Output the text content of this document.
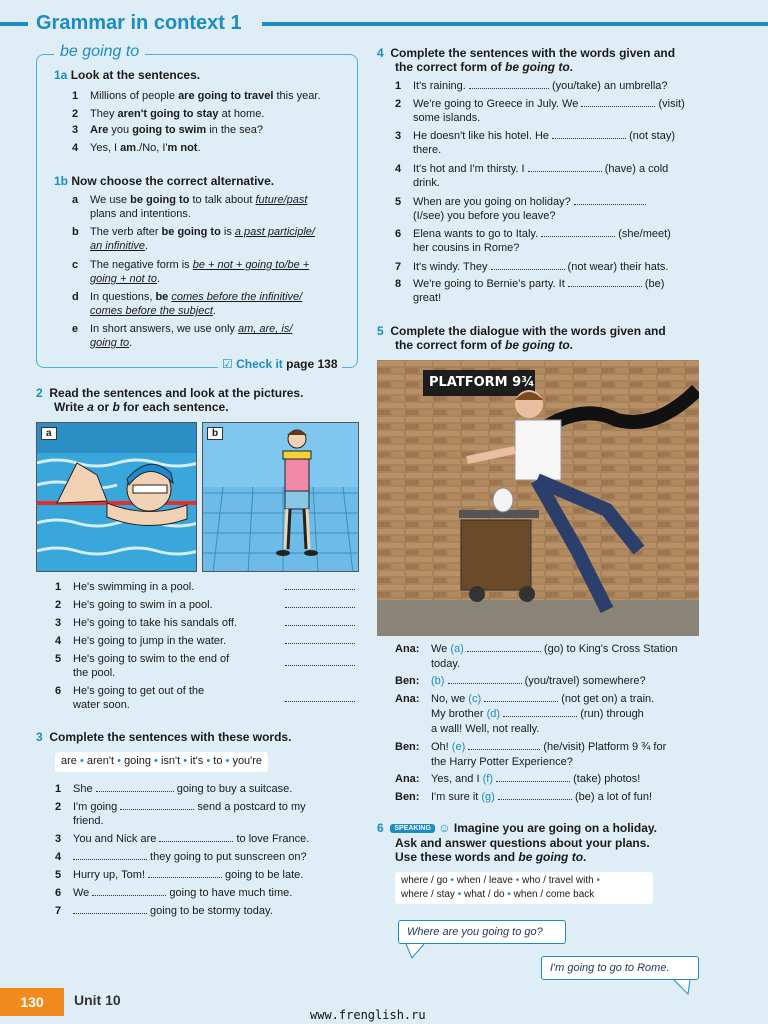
Grammar in context 1
be going to
1a Look at the sentences.
1 Millions of people are going to travel this year.
2 They aren't going to stay at home.
3 Are you going to swim in the sea?
4 Yes, I am./No, I'm not.
1b Now choose the correct alternative.
a We use be going to to talk about future/past
plans and intentions.
b The verb after be going to is a past participle/
an infinitive.
c The negative form is be + not + going to/be +
going + not to.
d In questions, be comes before the infinitive/
comes before the subject.
e In short answers, we use only am, are, is/
going to.
☑ Check it page 138
2 Read the sentences and look at the pictures.
Write a or b for each sentence.
a	b
1 He's swimming in a pool.
2 He's going to swim in a pool.
3 He's going to take his sandals off.
4 He's going to jump in the water.
5 He's going to swim to the end of
the pool.
6 He's going to get out of the
water soon.
3 Complete the sentences with these words.
are • aren't • going • isn't • it's • to • you're
1 She	going to buy a suitcase.
2 I'm going	send a postcard to my
friend.
3 You and Nick are	to love France.
4	they going to put sunscreen on?
5 Hurry up, Tom!	going to be late.
6 We	going to have much time.
7	going to be stormy today.
4 Complete the sentences with the words given and
the correct form of be going to.
1 It's raining.	(you/take) an umbrella?
2 We're going to Greece in July. We	(visit)
some islands.
3 He doesn't like his hotel. He	(not stay)
there.
4 It's hot and I'm thirsty. I	(have) a cold
drink.
5 When are you going on holiday?
(I/see) you before you leave?
6 Elena wants to go to Italy.	(she/meet)
her cousins in Rome?
7 It's windy. They	(not wear) their hats.
8 We're going to Bernie's party. It	(be)
great!
5 Complete the dialogue with the words given and
the correct form of be going to.
PLATFORM 9¾
Ana: We (a)	(go) to King's Cross Station
today.
Ben: (b)	(you/travel) somewhere?
Ana: No, we (c)	(not get on) a train.
My brother (d)	(run) through
a wall! Well, not really.
Ben: Oh! (e)	(he/visit) Platform 9 ¾ for
the Harry Potter Experience?
Ana: Yes, and I (f)	(take) photos!
Ben: I'm sure it (g)	(be) a lot of fun!
6 SPEAKING ☺ Imagine you are going on a holiday.
Ask and answer questions about your plans.
Use these words and be going to.
where / go • when / leave • who / travel with •
where / stay • what / do • when / come back
Where are you going to go?
I'm going to go to Rome.
130	Unit 10
www.frenglish.ru
